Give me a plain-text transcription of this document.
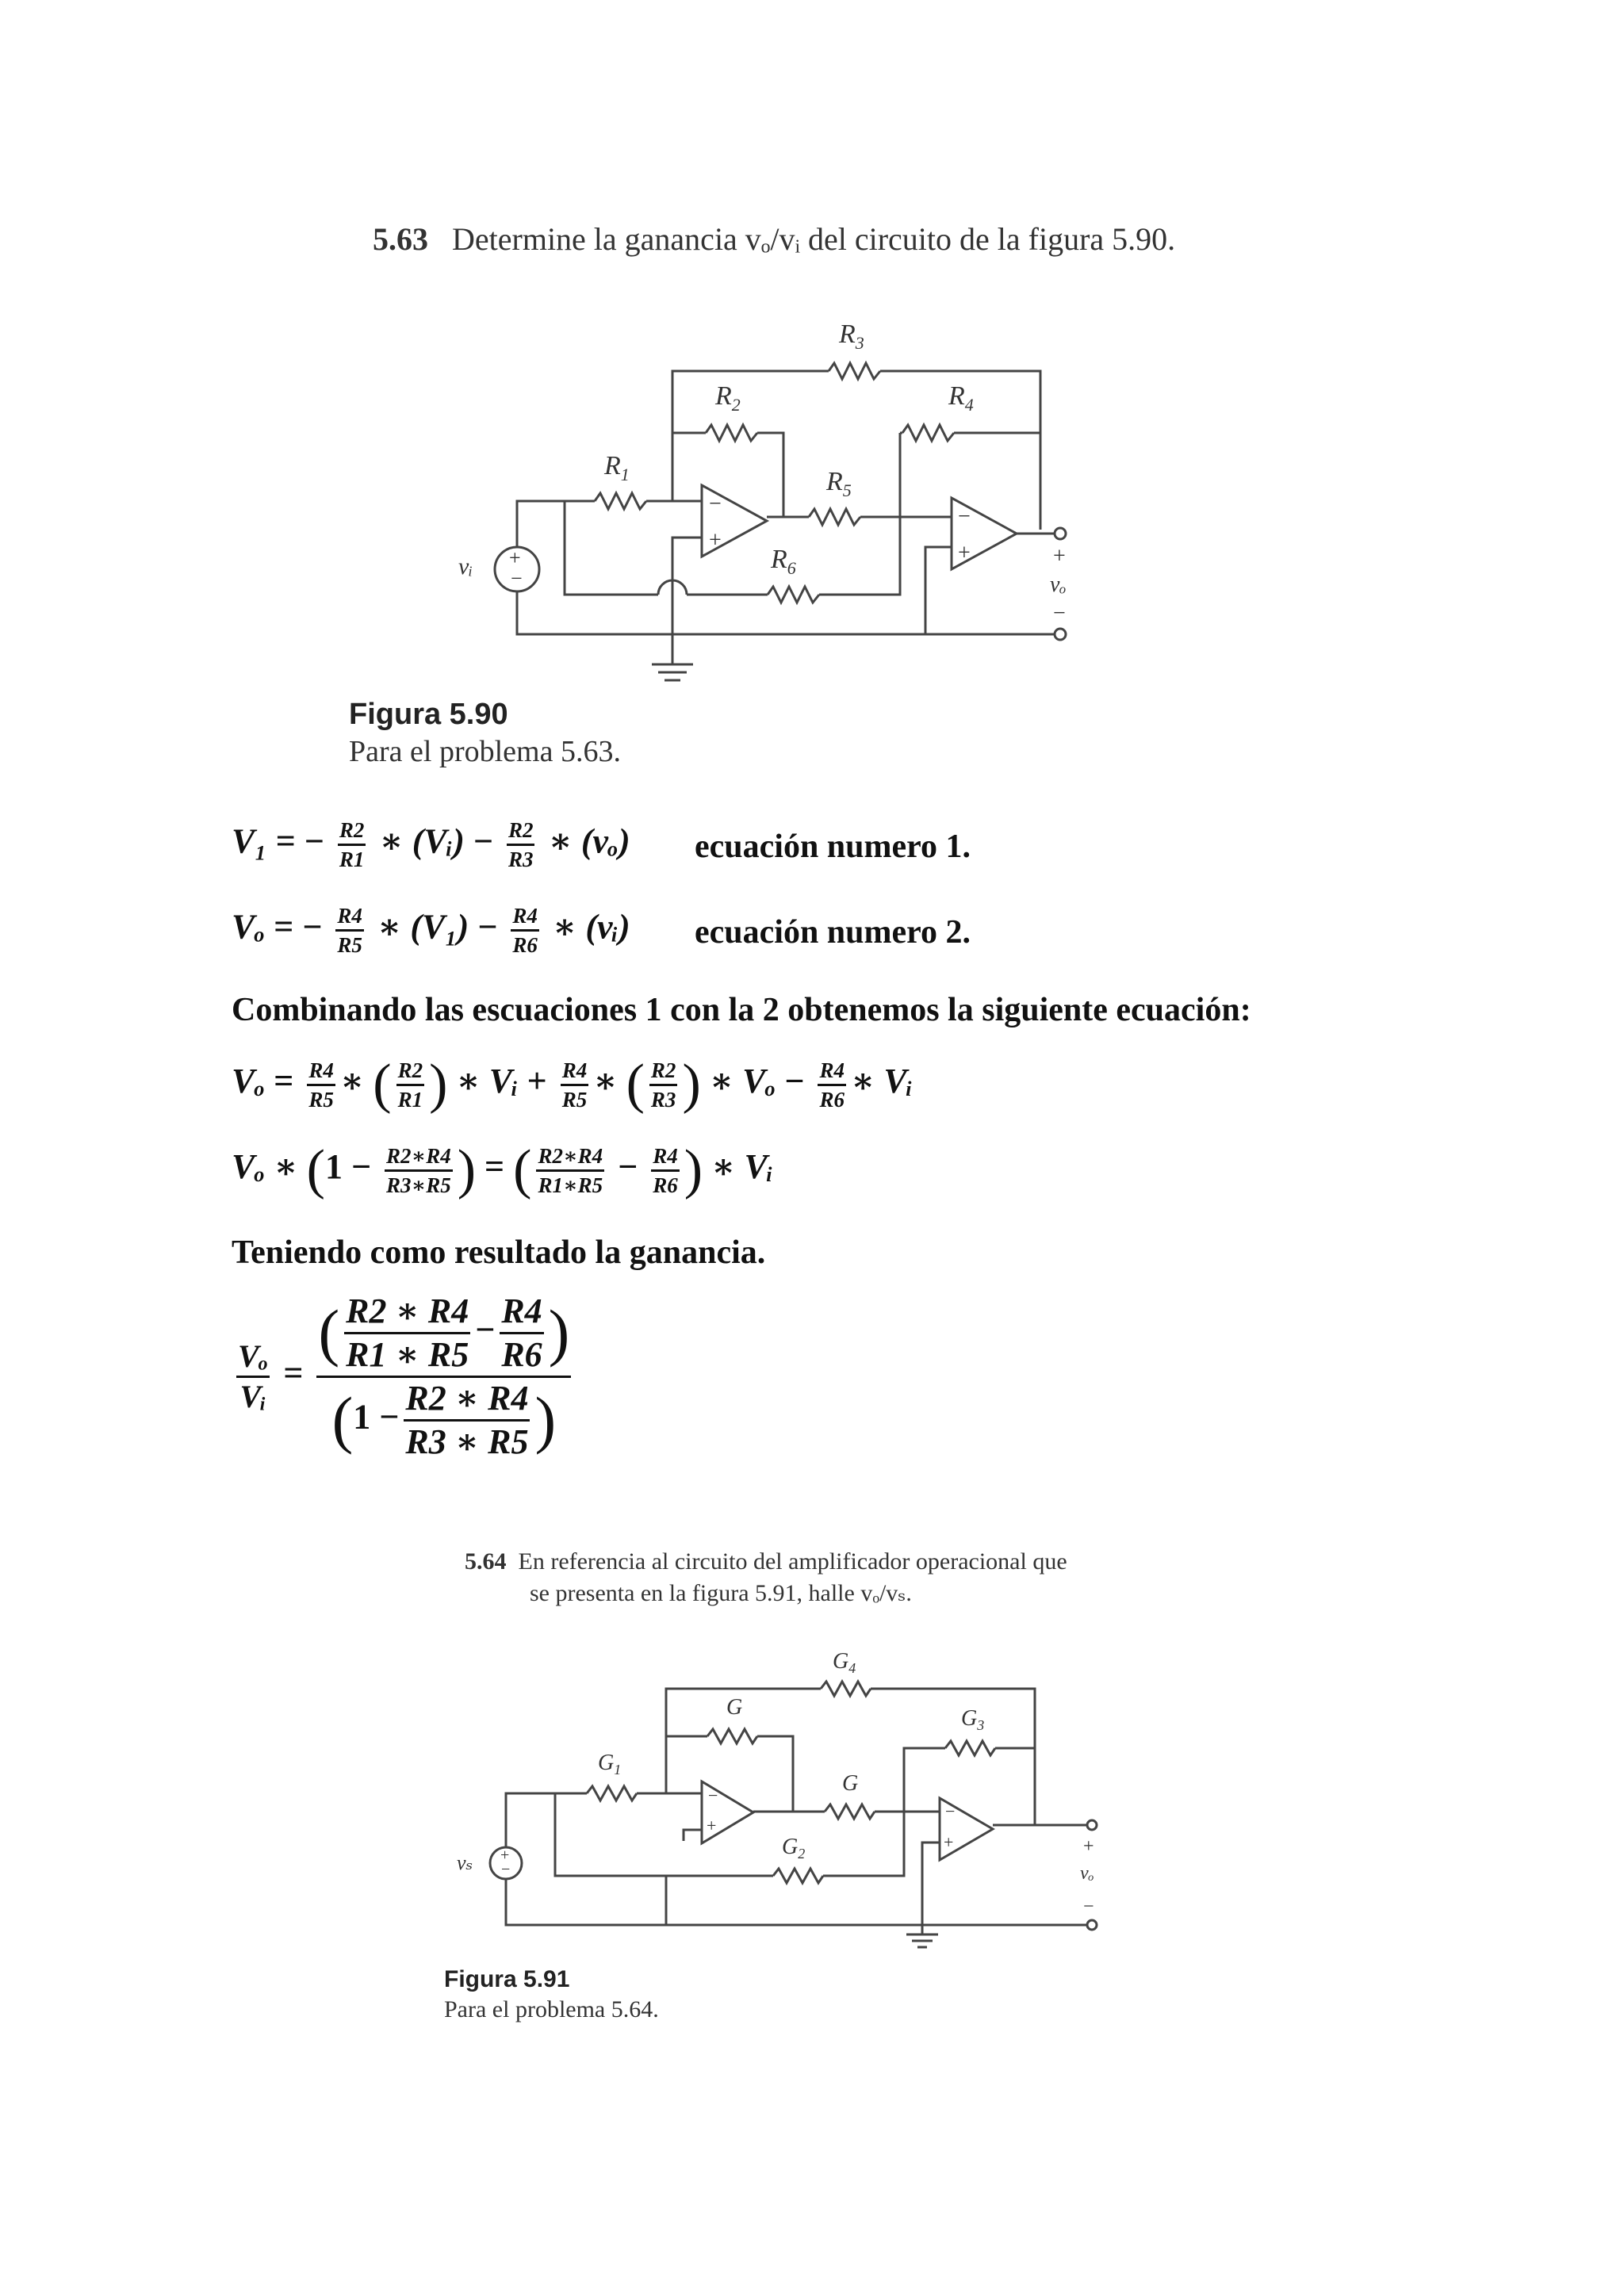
5.63 Determine la ganancia vₒ/vᵢ del circuito de la figura 5.90.
−
+
−
+
+
−
$R_3$
$R_2$	$R_4$
$R_1$	$R_5$
$R_6$
vᵢ	+
vₒ
−
Figura 5.90
Para el problema 5.63.
V₁ = − $\frac{R2}{R1}$ ∗ (Vᵢ) − $\frac{R2}{R3}$ ∗ (vₒ) ecuación numero 1.
Vₒ = − $\frac{R4}{R5}$ ∗ $(V_1) - \frac{R4}{R6}$ ∗ (vᵢ) ecuación numero 2.
Combinando las escuaciones 1 con la 2 obtenemos la siguiente ecuación:
$V_o = \frac{R4}{R5}$ ∗ ( $\frac{R2}{R1}$ ) ∗ Vᵢ + $\frac{R4}{R5}$ ∗ ( $\frac{R2}{R3}$ ) ∗ $V_o - \frac{R4}{R6}$ ∗ Vᵢ
Vₒ ∗ ($1 - \frac{R2∗R4}{R3∗R5}$ ) = ( $\frac{R2∗R4}{R1∗R5} - \frac{R4}{R6}$ ) ∗ Vᵢ
Teniendo como resultado la ganancia.
$\frac{\text{Vₒ}}{\text{Vᵢ}} = \frac{( \frac{R2 ∗ R4}{R1 ∗ R5} - \frac{R4}{R6} )}{(1 - \frac{R2 ∗ R4}{R3 ∗ R5} )}$
5.64 En referencia al circuito del amplificador operacional que
se presenta en la figura 5.91, halle vₒ/vₛ.
−
+
−
+
+
−
$G_4$
G	$G_3$
$G_1$
G
$G_2$
vₛ
+
vₒ
−
Figura 5.91
Para el problema 5.64.
